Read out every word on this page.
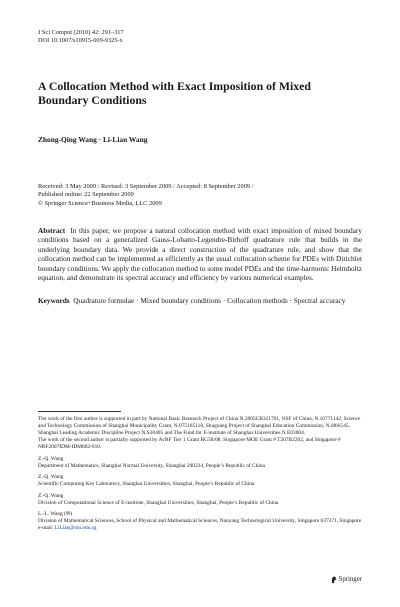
J Sci Comput (2010) 42: 291–317

DOI 10.1007/s10915-009-9325-x

A Collocation Method with Exact Imposition of Mixed Boundary Conditions
Zhong-Qing Wang · Li-Lian Wang

Received: 3 May 2009 / Revised: 3 September 2009 / Accepted: 8 September 2009 /

Published online: 22 September 2009

© Springer Science+Business Media, LLC 2009

Abstract In this paper, we propose a natural collocation method with exact imposition of mixed boundary conditions based on a generalized Gauss-Lobatto-Legendre-Birhoff quadrature rule that builds in the underlying boundary data. We provide a direct construction of the quadrature rule, and show that the collocation method can be implemented as efficiently as the usual collocation scheme for PDEs with Dirichlet boundary conditions. We apply the collocation method to some model PDEs and the time-harmonic Helmholtz equation, and demonstrate its spectral accuracy and efficiency by various numerical examples.
Keywords Quadrature formulae · Mixed boundary conditions · Collocation methods · Spectral accuracy

The work of the first author is supported in part by National Basic Research Project of China N.2005CB321701, NSF of China, N.10771142, Science and Technology Commission of Shanghai Municipality Grant, N.075105118, Shuguang Project of Shanghai Education Commission, N.08SG45, Shanghai Leading Academic Discipline Project N.S30405 and The Fund for E-institute of Shanghai Universities N.E03004.

The work of the second author is partially supported by AcRF Tier 1 Grant RG58/08, Singapore MOE Grant # T207B2202, and Singapore # NRF2007IDM-IDM002-010.

Z.-Q. Wang

Department of Mathematics, Shanghai Normal University, Shanghai 200234, People’s Republic of China

Z.-Q. Wang

Scientific Computing Key Laboratory, Shanghai Universities, Shanghai, People’s Republic of China

Z.-Q. Wang

Division of Computational Science of E-institute, Shanghai Universities, Shanghai, People’s Republic of China

L.-L. Wang (✉)

Division of Mathematical Sciences, School of Physical and Mathematical Sciences, Nanyang Technological University, Singapore 637371, Singapore

e-mail: LiLian@ntu.edu.sg

Springer
